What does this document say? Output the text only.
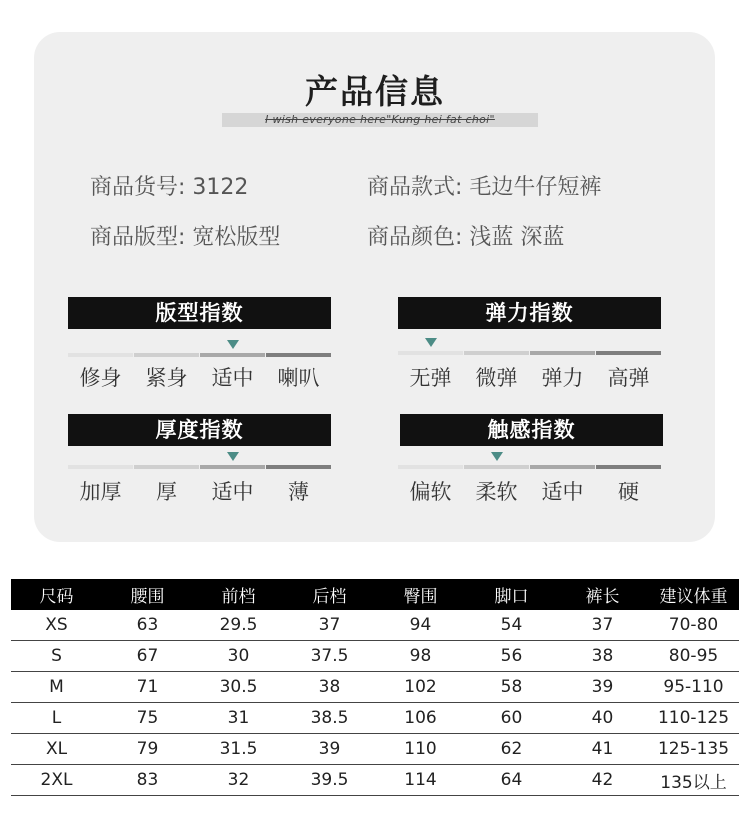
产品信息
I wish everyone here"Kung hei fat choi"
商品货号: 3122	商品款式: 毛边牛仔短裤
商品版型: 宽松版型	商品颜色: 浅蓝 深蓝
版型指数
修身	紧身	适中	喇叭
弹力指数
无弹	微弹	弹力	高弹
厚度指数
加厚	厚	适中	薄
触感指数
偏软	柔软	适中	硬
尺码	腰围	前档	后档	臀围	脚口	裤长	建议体重
XS	63	29.5	37	94	54	37	70-80
S	67	30	37.5	98	56	38	80-95
M	71	30.5	38	102	58	39	95-110
L	75	31	38.5	106	60	40	110-125
XL	79	31.5	39	110	62	41	125-135
2XL	83	32	39.5	114	64	42	135以上
